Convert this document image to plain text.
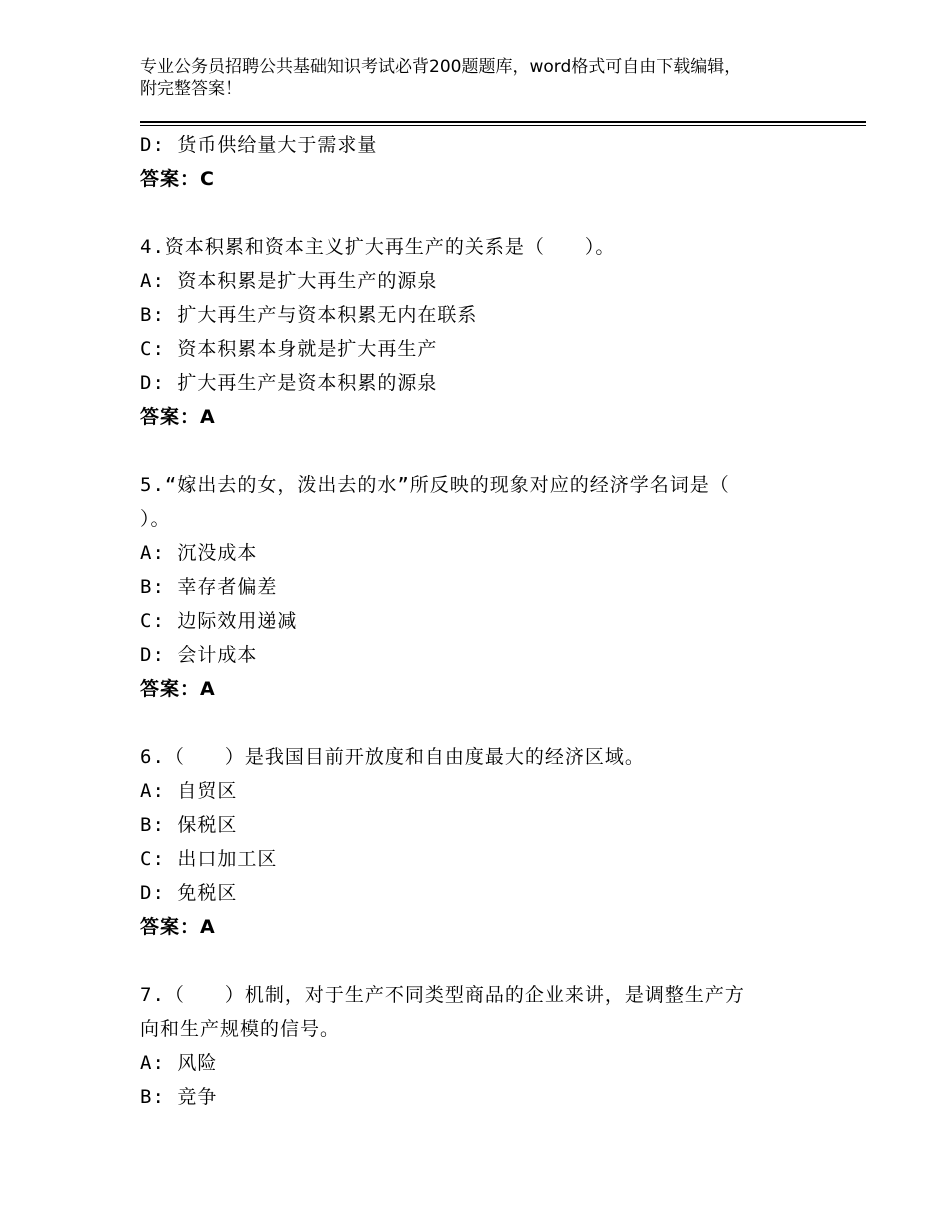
专业公务员招聘公共基础知识考试必背200题题库，word格式可自由下载编辑，
附完整答案！
D: 货币供给量大于需求量
答案：C
4.资本积累和资本主义扩大再生产的关系是（　　）。
A: 资本积累是扩大再生产的源泉
B: 扩大再生产与资本积累无内在联系
C: 资本积累本身就是扩大再生产
D: 扩大再生产是资本积累的源泉
答案：A
5.“嫁出去的女，泼出去的水”所反映的现象对应的经济学名词是（
）。
A: 沉没成本
B: 幸存者偏差
C: 边际效用递减
D: 会计成本
答案：A
6.（　　）是我国目前开放度和自由度最大的经济区域。
A: 自贸区
B: 保税区
C: 出口加工区
D: 免税区
答案：A
7.（　　）机制，对于生产不同类型商品的企业来讲，是调整生产方
向和生产规模的信号。
A: 风险
B: 竞争
